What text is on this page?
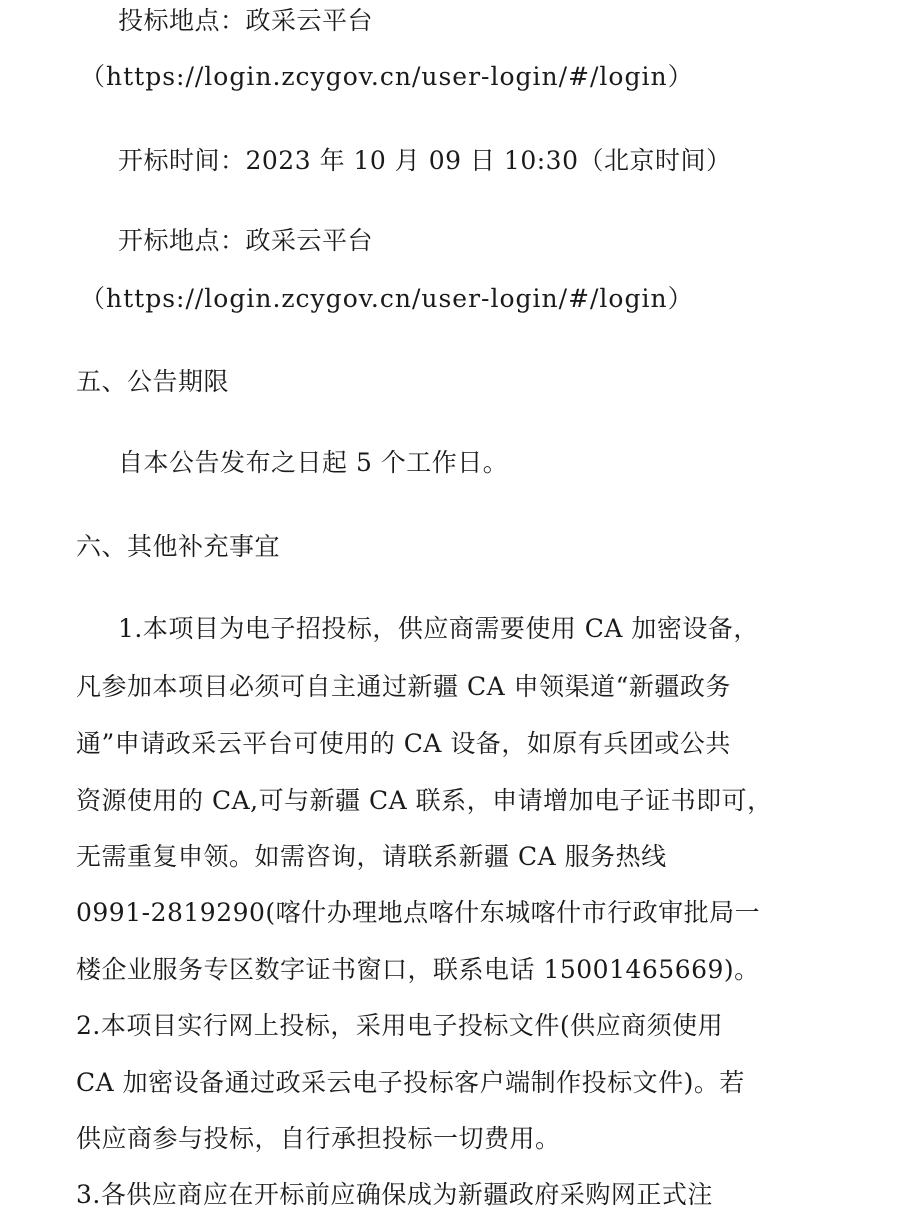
投标地点：政采云平台
（https://login.zcygov.cn/user-login/#/login）
开标时间：2023 年 10 月 09 日 10:30（北京时间）
开标地点：政采云平台
（https://login.zcygov.cn/user-login/#/login）
五、公告期限
自本公告发布之日起 5 个工作日。
六、其他补充事宜
1.本项目为电子招投标，供应商需要使用 CA 加密设备，
凡参加本项目必须可自主通过新疆 CA 申领渠道“新疆政务
通”申请政采云平台可使用的 CA 设备，如原有兵团或公共
资源使用的 CA,可与新疆 CA 联系，申请增加电子证书即可，
无需重复申领。如需咨询，请联系新疆 CA 服务热线
0991-2819290(喀什办理地点喀什东城喀什市行政审批局一
楼企业服务专区数字证书窗口，联系电话 15001465669)。
2.本项目实行网上投标，采用电子投标文件(供应商须使用
CA 加密设备通过政采云电子投标客户端制作投标文件)。若
供应商参与投标，自行承担投标一切费用。
3.各供应商应在开标前应确保成为新疆政府采购网正式注
